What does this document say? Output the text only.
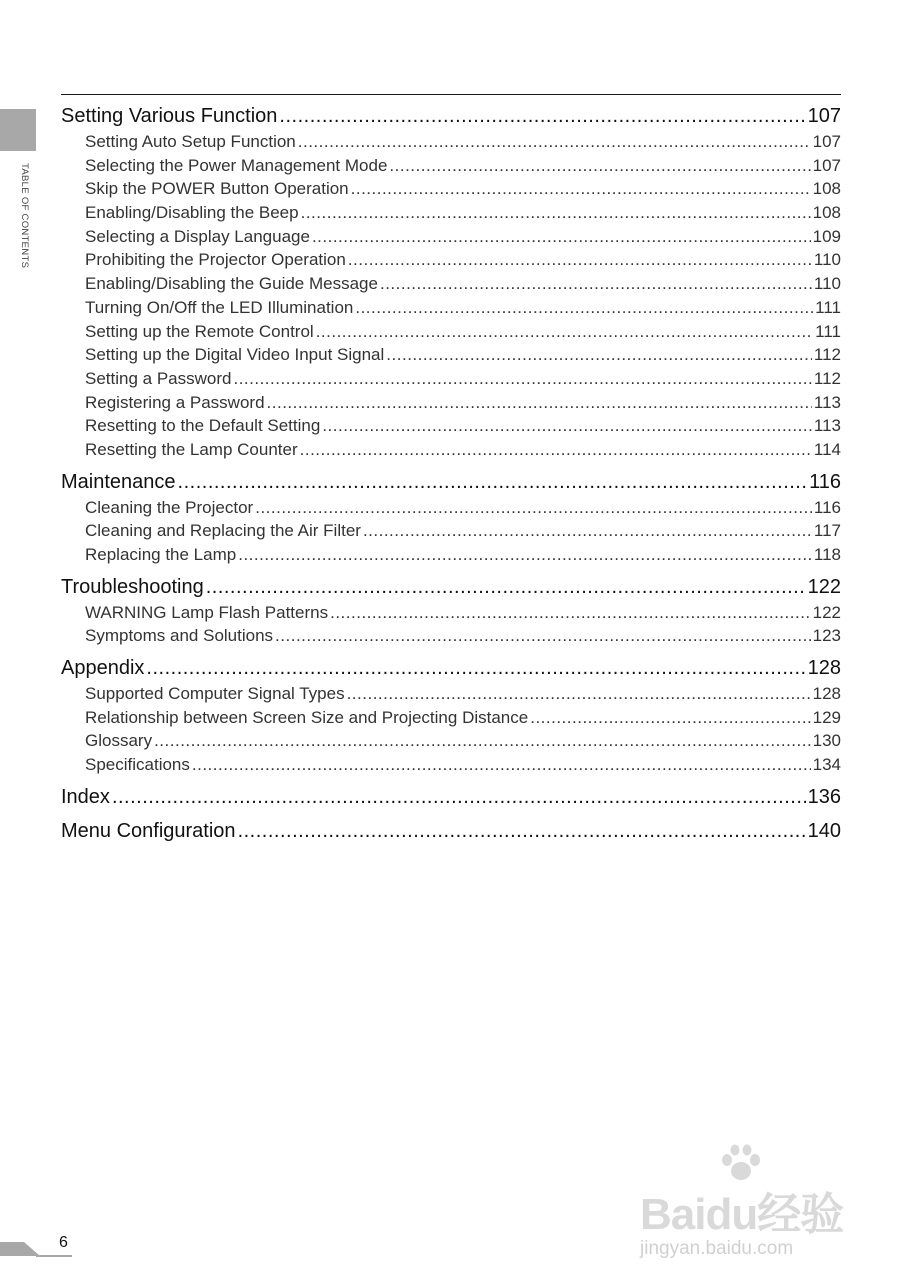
TABLE OF CONTENTS
Setting Various Function .....	107
Setting Auto Setup Function .....	107
Selecting the Power Management Mode .....	107
Skip the POWER Button Operation .....	108
Enabling/Disabling the Beep .....	108
Selecting a Display Language .....	109
Prohibiting the Projector Operation .....	110
Enabling/Disabling the Guide Message .....	110
Turning On/Off the LED Illumination .....	111
Setting up the Remote Control .....	111
Setting up the Digital Video Input Signal .....	112
Setting a Password .....	112
Registering a Password .....	113
Resetting to the Default Setting .....	113
Resetting the Lamp Counter .....	114
Maintenance .....	116
Cleaning the Projector .....	116
Cleaning and Replacing the Air Filter .....	117
Replacing the Lamp .....	118
Troubleshooting .....	122
WARNING Lamp Flash Patterns .....	122
Symptoms and Solutions .....	123
Appendix .....	128
Supported Computer Signal Types .....	128
Relationship between Screen Size and Projecting Distance .....	129
Glossary .....	130
Specifications .....	134
Index .....	136
Menu Configuration .....	140
6
Baidu经验
jingyan.baidu.com
